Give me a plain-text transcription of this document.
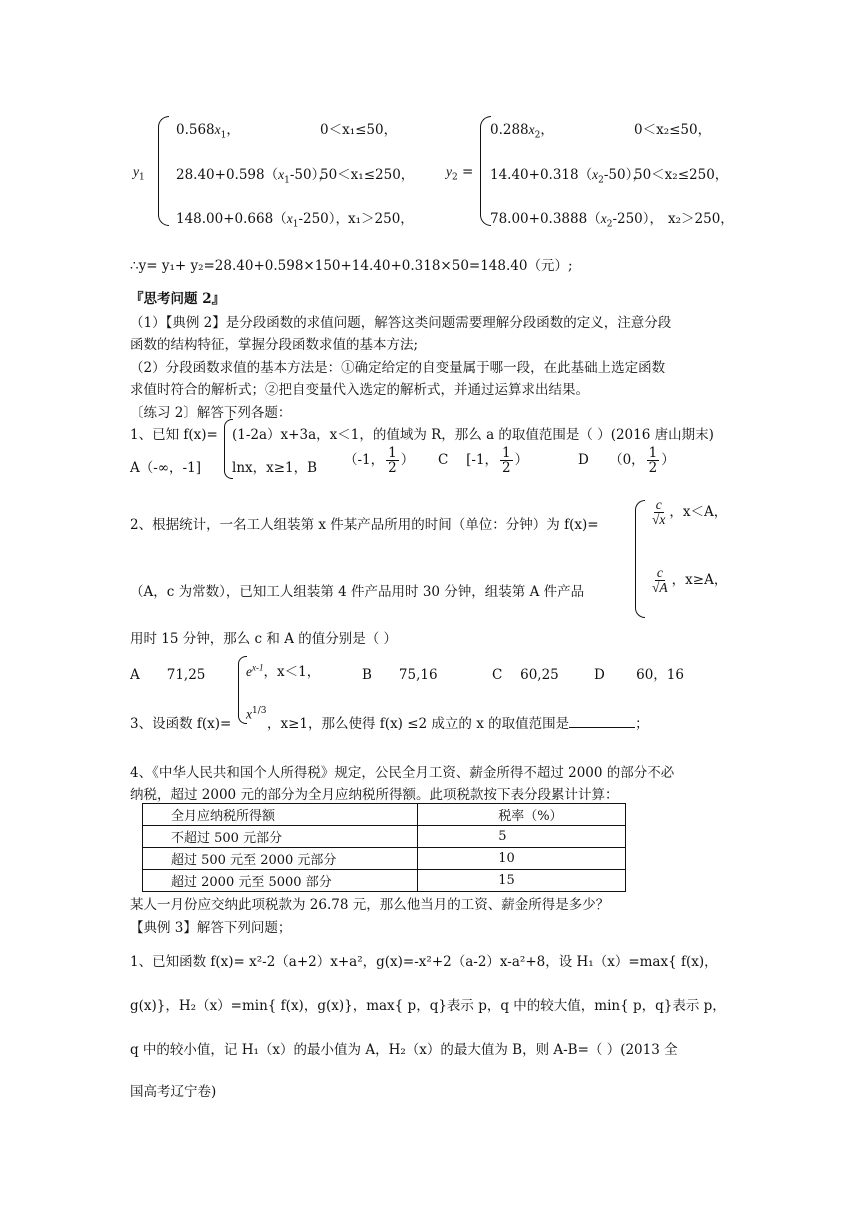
$y_1$
$0.568x_1$，	0＜x₁≤50，
$28.40+0.598(x_1-50)$，
50＜x₁≤250，
$148.00+0.668(x_1-250)$，
x₁＞250，
$y_2$ =
$0.288x_2$，	0＜x₂≤50，
$14.40+0.318(x_2-50)$，
50＜x₂≤250，
$78.00+0.3888(x_2-250)$， x₂＞250，
∴y= y₁+ y₂=28.40+0.598×150+14.40+0.318×50=148.40（元）;
『思考问题 2』
（1）【典例 2】是分段函数的求值问题，解答这类问题需要理解分段函数的定义，注意分段
函数的结构特征，掌握分段函数求值的基本方法;
（2）分段函数求值的基本方法是：①确定给定的自变量属于哪一段，在此基础上选定函数
求值时符合的解析式；②把自变量代入选定的解析式，并通过运算求出结果。
〔练习 2〕解答下列各题：
1、已知 f(x)= (1-2a）x+3a，x＜1，的值域为 R，那么 a 的取值范围是（ ）(2016 唐山期末)
A（-∞，-1] lnx，x≥1，B （-1， $\frac{1}{2}$ ） C　 [-1， $\frac{1}{2}$ ）	D　　（0， $\frac{1}{2}$ ）
2、根据统计，一名工人组装第 x 件某产品所用的时间（单位：分钟）为 f(x)=	$\frac{c}{√x}$ ，x＜A，
（A，c 为常数），已知工人组装第 4 件产品用时 30 分钟，组装第 A 件产品	$\frac{c}{√A}$ ，x≥A，
用时 15 分钟，那么 c 和 A 的值分别是（ ）
A　　71,25	$e^{x-1}$，x＜1，	B　　75,16	C　 60,25	D　　 60，16
3、设函数 f(x)=
$x^{1/3}$
，x≥1，那么使得 f(x) ≤2 成立的 x 的取值范围是	；
4、《中华人民共和国个人所得税》规定，公民全月工资、薪金所得不超过 2000 的部分不必
纳税，超过 2000 元的部分为全月应纳税所得额。此项税款按下表分段累计计算：
全月应纳税所得额	税率（%）
不超过 500 元部分	5
超过 500 元至 2000 元部分	10
超过 2000 元至 5000 部分	15
某人一月份应交纳此项税款为 26.78 元，那么他当月的工资、薪金所得是多少？
【典例 3】解答下列问题；
1、已知函数 f(x)= x²-2（a+2）x+a²，g(x)=-x²+2（a-2）x-a²+8，设 H₁（x）=max{ f(x)，
g(x)}，H₂（x）=min{ f(x)，g(x)}，max{ p，q}表示 p，q 中的较大值，min{ p，q}表示 p，
q 中的较小值，记 H₁（x）的最小值为 A，H₂（x）的最大值为 B，则 A-B=（ ）(2013 全
国高考辽宁卷)
